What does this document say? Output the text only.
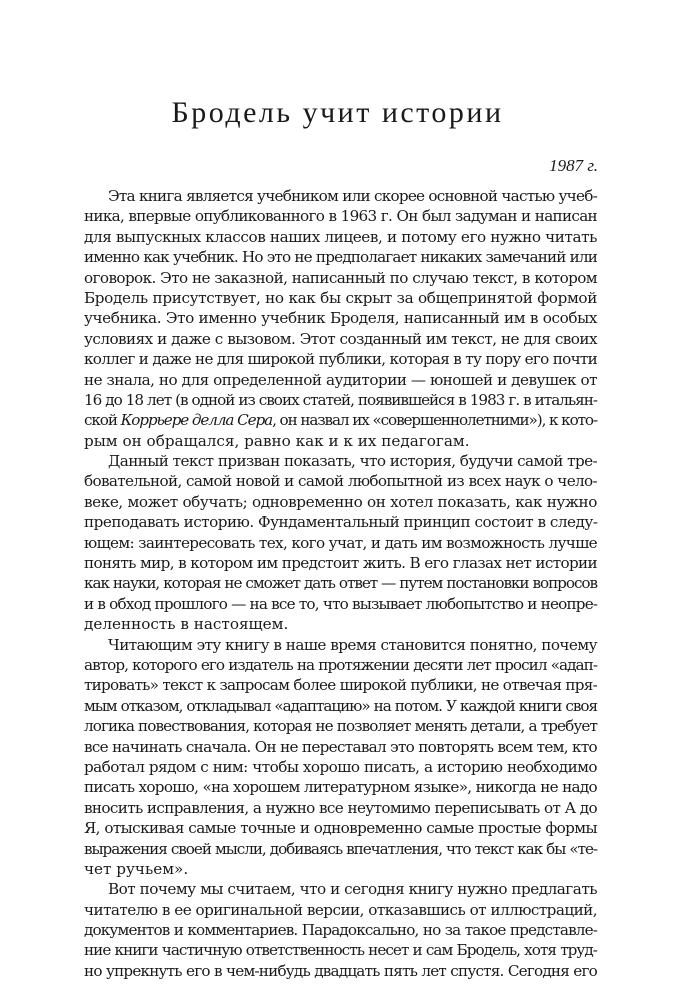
Бродель учит истории
1987 г.
Эта книга является учебником или скорее основной частью учеб-
ника, впервые опубликованного в 1963 г. Он был задуман и написан
для выпускных классов наших лицеев, и потому его нужно читать
именно как учебник. Но это не предполагает никаких замечаний или
оговорок. Это не заказной, написанный по случаю текст, в котором
Бродель присутствует, но как бы скрыт за общепринятой формой
учебника. Это именно учебник Броделя, написанный им в особых
условиях и даже с вызовом. Этот созданный им текст, не для своих
коллег и даже не для широкой публики, которая в ту пору его почти
не знала, но для определенной аудитории — юношей и девушек от
16 до 18 лет (в одной из своих статей, появившейся в 1983 г. в итальян-
ской Коррьере делла Сера, он назвал их «совершеннолетними»), к кото-
рым он обращался, равно как и к их педагогам.
Данный текст призван показать, что история, будучи самой тре-
бовательной, самой новой и самой любопытной из всех наук о чело-
веке, может обучать; одновременно он хотел показать, как нужно
преподавать историю. Фундаментальный принцип состоит в следу-
ющем: заинтересовать тех, кого учат, и дать им возможность лучше
понять мир, в котором им предстоит жить. В его глазах нет истории
как науки, которая не сможет дать ответ — путем постановки вопросов
и в обход прошлого — на все то, что вызывает любопытство и неопре-
деленность в настоящем.
Читающим эту книгу в наше время становится понятно, почему
автор, которого его издатель на протяжении десяти лет просил «адап-
тировать» текст к запросам более широкой публики, не отвечая пря-
мым отказом, откладывал «адаптацию» на потом. У каждой книги своя
логика повествования, которая не позволяет менять детали, а требует
все начинать сначала. Он не переставал это повторять всем тем, кто
работал рядом с ним: чтобы хорошо писать, а историю необходимо
писать хорошо, «на хорошем литературном языке», никогда не надо
вносить исправления, а нужно все неутомимо переписывать от А до
Я, отыскивая самые точные и одновременно самые простые формы
выражения своей мысли, добиваясь впечатления, что текст как бы «те-
чет ручьем».
Вот почему мы считаем, что и сегодня книгу нужно предлагать
читателю в ее оригинальной версии, отказавшись от иллюстраций,
документов и комментариев. Парадоксально, но за такое представле-
ние книги частичную ответственность несет и сам Бродель, хотя труд-
но упрекнуть его в чем-нибудь двадцать пять лет спустя. Сегодня его
